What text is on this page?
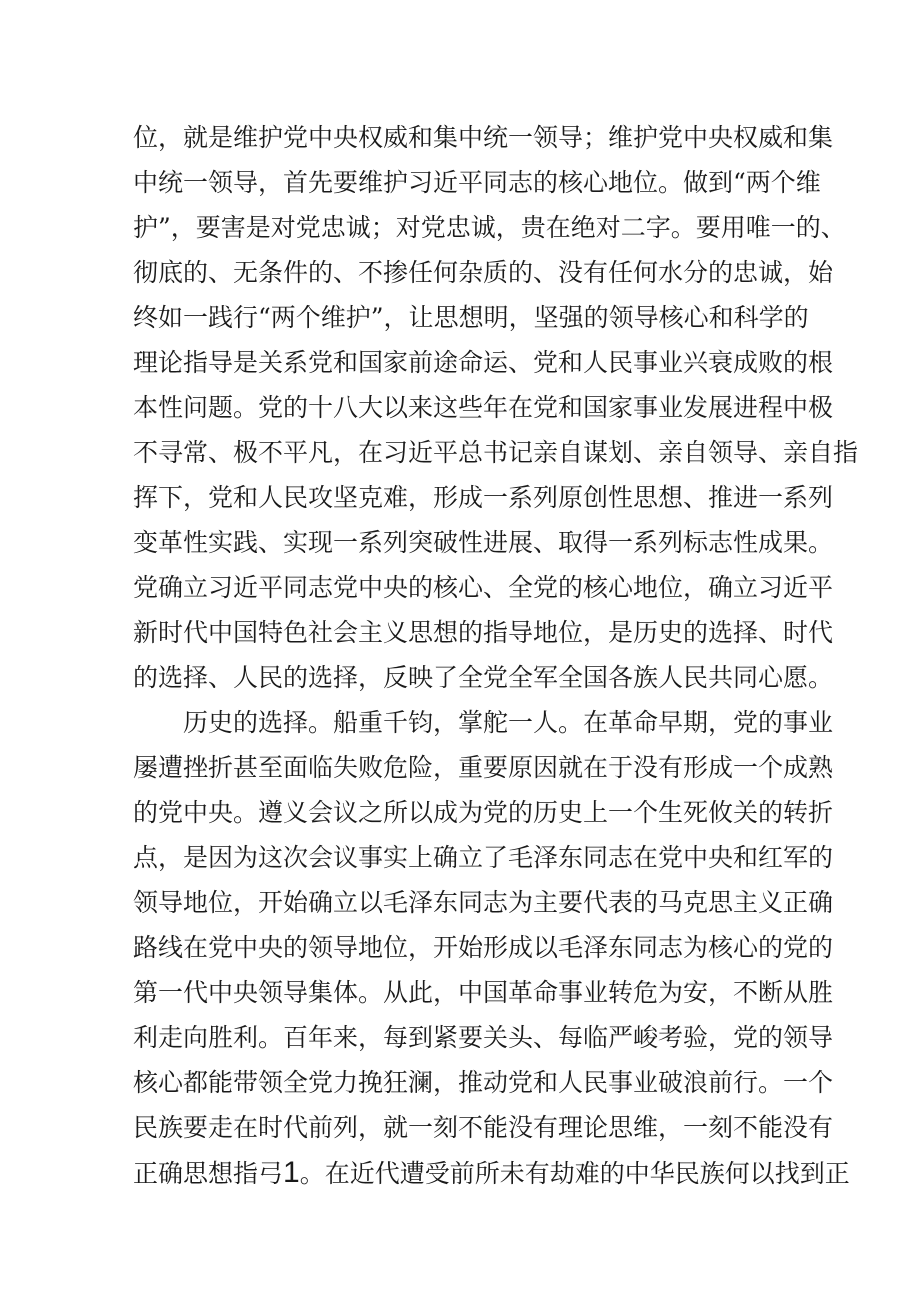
位，就是维护党中央权威和集中统一领导；维护党中央权威和集
中统一领导，首先要维护习近平同志的核心地位。做到“两个维
护”，要害是对党忠诚；对党忠诚，贵在绝对二字。要用唯一的、
彻底的、无条件的、不掺任何杂质的、没有任何水分的忠诚，始
终如一践行“两个维护”，让思想明，坚强的领导核心和科学的
理论指导是关系党和国家前途命运、党和人民事业兴衰成败的根
本性问题。党的十八大以来这些年在党和国家事业发展进程中极
不寻常、极不平凡，在习近平总书记亲自谋划、亲自领导、亲自指
挥下，党和人民攻坚克难，形成一系列原创性思想、推进一系列
变革性实践、实现一系列突破性进展、取得一系列标志性成果。
党确立习近平同志党中央的核心、全党的核心地位，确立习近平
新时代中国特色社会主义思想的指导地位，是历史的选择、时代
的选择、人民的选择，反映了全党全军全国各族人民共同心愿。
历史的选择。船重千钧，掌舵一人。在革命早期，党的事业
屡遭挫折甚至面临失败危险，重要原因就在于没有形成一个成熟
的党中央。遵义会议之所以成为党的历史上一个生死攸关的转折
点，是因为这次会议事实上确立了毛泽东同志在党中央和红军的
领导地位，开始确立以毛泽东同志为主要代表的马克思主义正确
路线在党中央的领导地位，开始形成以毛泽东同志为核心的党的
第一代中央领导集体。从此，中国革命事业转危为安，不断从胜
利走向胜利。百年来，每到紧要关头、每临严峻考验，党的领导
核心都能带领全党力挽狂澜，推动党和人民事业破浪前行。一个
民族要走在时代前列，就一刻不能没有理论思维，一刻不能没有
正确思想指弓1。在近代遭受前所未有劫难的中华民族何以找到正
